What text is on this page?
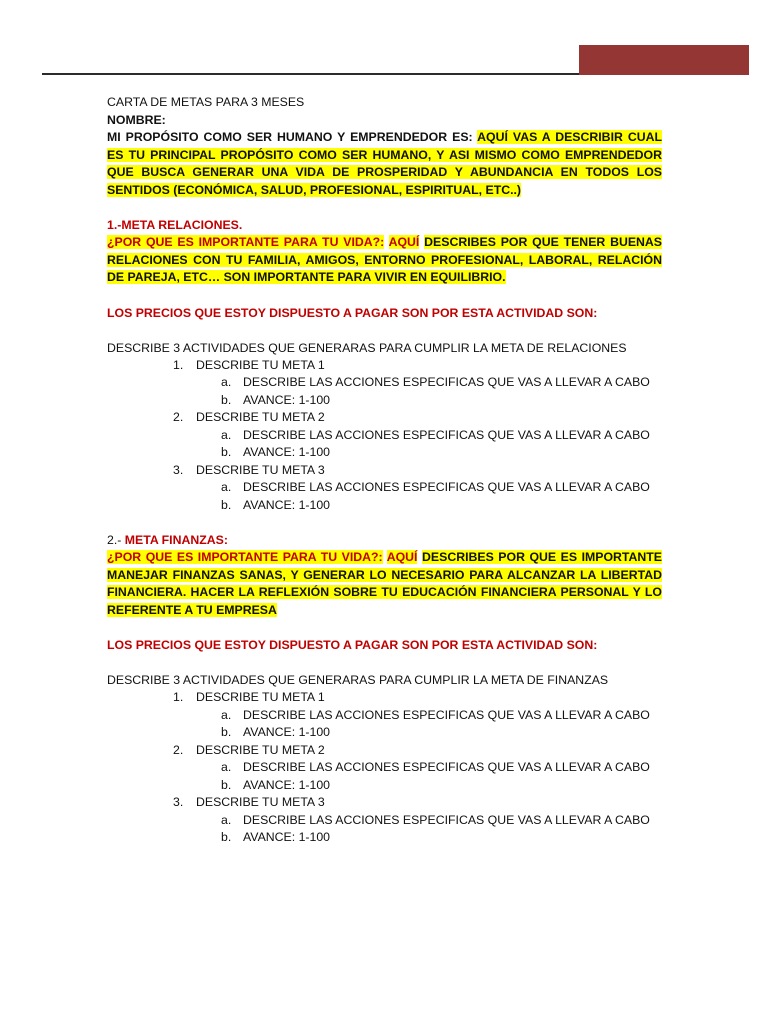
CARTA DE METAS PARA 3 MESES

NOMBRE:

MI PROPÓSITO COMO SER HUMANO Y EMPRENDEDOR ES: AQUÍ VAS A DESCRIBIR CUAL ES TU PRINCIPAL PROPÓSITO COMO SER HUMANO, Y ASI MISMO COMO EMPRENDEDOR QUE BUSCA GENERAR UNA VIDA DE PROSPERIDAD Y ABUNDANCIA EN TODOS LOS SENTIDOS (ECONÓMICA, SALUD, PROFESIONAL, ESPIRITUAL, ETC..)

1.-META RELACIONES.

¿POR QUE ES IMPORTANTE PARA TU VIDA?: AQUÍ DESCRIBES POR QUE TENER BUENAS RELACIONES CON TU FAMILIA, AMIGOS, ENTORNO PROFESIONAL, LABORAL, RELACIÓN DE PAREJA, ETC… SON IMPORTANTE PARA VIVIR EN EQUILIBRIO.

LOS PRECIOS QUE ESTOY DISPUESTO A PAGAR SON POR ESTA ACTIVIDAD SON:

DESCRIBE 3 ACTIVIDADES QUE GENERARAS PARA CUMPLIR LA META DE RELACIONES

1. DESCRIBE TU META 1
a. DESCRIBE LAS ACCIONES ESPECIFICAS QUE VAS A LLEVAR A CABO
b. AVANCE: 1-100
2. DESCRIBE TU META 2
a. DESCRIBE LAS ACCIONES ESPECIFICAS QUE VAS A LLEVAR A CABO
b. AVANCE: 1-100
3. DESCRIBE TU META 3
a. DESCRIBE LAS ACCIONES ESPECIFICAS QUE VAS A LLEVAR A CABO
b. AVANCE: 1-100

2.- META FINANZAS:

¿POR QUE ES IMPORTANTE PARA TU VIDA?: AQUÍ DESCRIBES POR QUE ES IMPORTANTE MANEJAR FINANZAS SANAS, Y GENERAR LO NECESARIO PARA ALCANZAR LA LIBERTAD FINANCIERA. HACER LA REFLEXIÓN SOBRE TU EDUCACIÓN FINANCIERA PERSONAL Y LO REFERENTE A TU EMPRESA

LOS PRECIOS QUE ESTOY DISPUESTO A PAGAR SON POR ESTA ACTIVIDAD SON:

DESCRIBE 3 ACTIVIDADES QUE GENERARAS PARA CUMPLIR LA META DE FINANZAS

1. DESCRIBE TU META 1
a. DESCRIBE LAS ACCIONES ESPECIFICAS QUE VAS A LLEVAR A CABO
b. AVANCE: 1-100
2. DESCRIBE TU META 2
a. DESCRIBE LAS ACCIONES ESPECIFICAS QUE VAS A LLEVAR A CABO
b. AVANCE: 1-100
3. DESCRIBE TU META 3
a. DESCRIBE LAS ACCIONES ESPECIFICAS QUE VAS A LLEVAR A CABO
b. AVANCE: 1-100
